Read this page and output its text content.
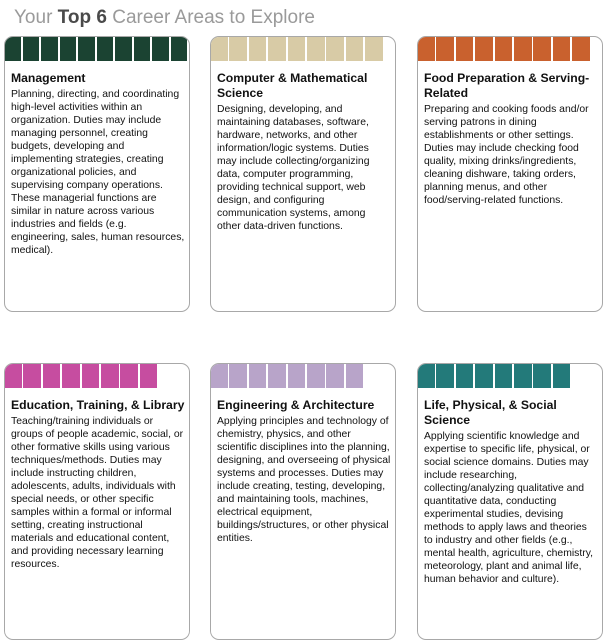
Your Top 6 Career Areas to Explore
Management
Planning, directing, and coordinating high-level activities within an organization. Duties may include managing personnel, creating budgets, developing and implementing strategies, creating organizational policies, and supervising company operations. These managerial functions are similar in nature across various industries and fields (e.g. engineering, sales, human resources, medical).
Computer & Mathematical Science
Designing, developing, and maintaining databases, software, hardware, networks, and other information/logic systems. Duties may include collecting/organizing data, computer programming, providing technical support, web design, and configuring communication systems, among other data-driven functions.
Food Preparation & Serving-Related
Preparing and cooking foods and/or serving patrons in dining establishments or other settings. Duties may include checking food quality, mixing drinks/ingredients, cleaning dishware, taking orders, planning menus, and other food/serving-related functions.
Education, Training, & Library
Teaching/training individuals or groups of people academic, social, or other formative skills using various techniques/methods. Duties may include instructing children, adolescents, adults, individuals with special needs, or other specific samples within a formal or informal setting, creating instructional materials and educational content, and providing necessary learning resources.
Engineering & Architecture
Applying principles and technology of chemistry, physics, and other scientific disciplines into the planning, designing, and overseeing of physical systems and processes. Duties may include creating, testing, developing, and maintaining tools, machines, electrical equipment, buildings/structures, or other physical entities.
Life, Physical, & Social Science
Applying scientific knowledge and expertise to specific life, physical, or social science domains. Duties may include researching, collecting/analyzing qualitative and quantitative data, conducting experimental studies, devising methods to apply laws and theories to industry and other fields (e.g., mental health, agriculture, chemistry, meteorology, plant and animal life, human behavior and culture).
